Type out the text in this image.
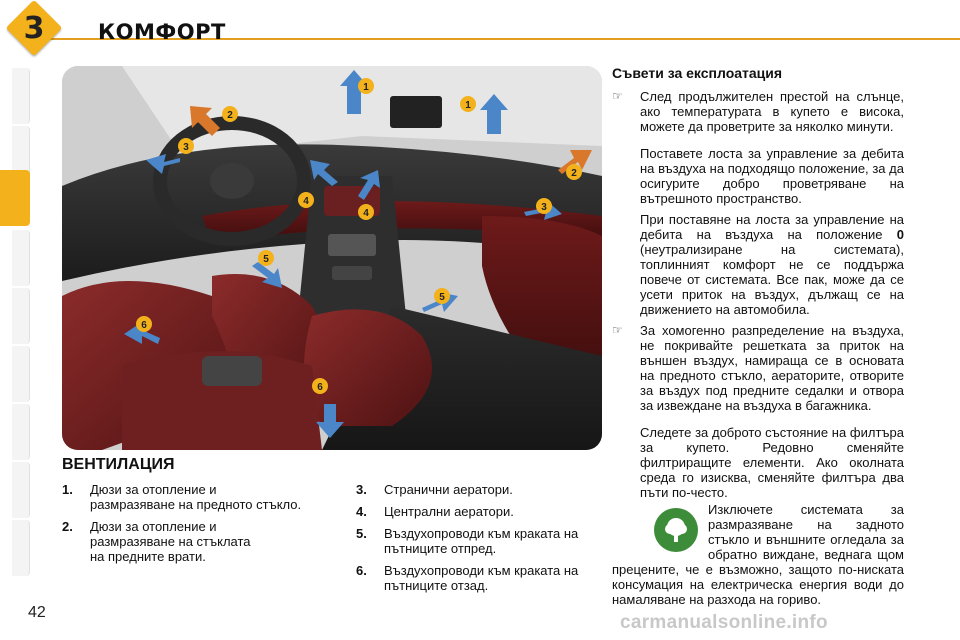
3	КОМФОРТ
1
1
2
2
3
3
4
4
5
5
6
6
ВЕНТИЛАЦИЯ
1.	Дюзи за отопление и
размразяване на предното стъкло.
2.	Дюзи за отопление и
размразяване на стъклата
на предните врати.
3.	Странични аератори.
4.	Централни аератори.
5.	Въздухопроводи към краката на
пътниците отпред.
6.	Въздухопроводи към краката на
пътниците отзад.
Съвети за експлоатация
☞	След продължителен престой на слънце, ако температурата в купето е висока, можете да проветрите за няколко минути.

Поставете лоста за управление за дебита на въздуха на подходящо положение, за да осигурите добро проветряване на вътрешното пространство.
При поставяне на лоста за управление на дебита на въздуха на положение 0 (неутрализиране на системата), топлинният комфорт не се поддържа повече от системата. Все пак, може да се усети приток на въздух, дължащ се на движението на автомобила.
☞	За хомогенно разпределение на въздуха, не покривайте решетката за приток на външен въздух, намираща се в основата на предното стъкло, аераторите, отворите за въздух под предните седалки и отвора за извеждане на въздуха в багажника.

Следете за доброто състояние на филтъра за купето. Редовно сменяйте филтриращите елементи. Ако околната среда го изисква, сменяйте филтъра два пъти по-често.
Изключете системата за размразяване на задното стъкло и външните огледала за обратно виждане, веднага щом прецените, че е възможно, защото по-ниската консумация на електрическа енергия води до намаляване на разхода на гориво.
42	carmanualsonline.info
